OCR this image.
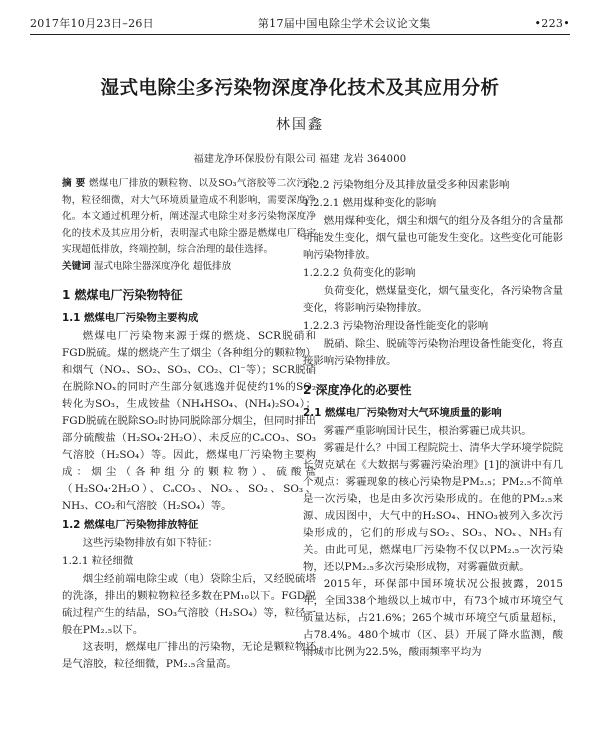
2017年10月23日–26日	第17届中国电除尘学术会议论文集	•223•
湿式电除尘多污染物深度净化技术及其应用分析
林国鑫
福建龙净环保股份有限公司 福建 龙岩 364000
摘 要 燃煤电厂排放的颗粒物、以及SO₃气溶胶等二次污染物，粒径细微，对大气环境质量造成不利影响，需要深度净化。本文通过机理分析，阐述湿式电除尘对多污染物深度净化的技术及其应用分析，表明湿式电除尘器是燃煤电厂稳定实现超低排放，终端控制，综合治理的最佳选择。
关键词 湿式电除尘器深度净化 超低排放
1 燃煤电厂污染物特征
1.1 燃煤电厂污染物主要构成

燃煤电厂污染物来源于煤的燃烧、SCR脱硝和FGD脱硫。煤的燃烧产生了烟尘（各种组分的颗粒物）和烟气（NOₓ、SO₂、SO₃、CO₂、Cl⁻等）；SCR脱硝在脱除NOₓ的同时产生部分氨逃逸并促使约1%的SO₂转化为SO₃，生成铵盐（NH₄HSO₄、(NH₄)₂SO₄）；FGD脱硫在脱除SO₂时协同脱除部分烟尘，但同时排出部分硫酸盐（H₂SO₄·2H₂O）、未反应的CₐCO₃、SO₃气溶胶（H₂SO₄）等。因此，燃煤电厂污染物主要构成：烟尘（各种组分的颗粒物）、硫酸盐（H₂SO₄·2H₂O）、CₐCO₃、NOₓ、SO₂、SO₃、NH₃、CO₂和气溶胶（H₂SO₄）等。

1.2 燃煤电厂污染物排放特征

这些污染物排放有如下特征：

1.2.1 粒径细微

烟尘经前端电除尘或（电）袋除尘后，又经脱硫塔的洗涤，排出的颗粒物粒径多数在PM₁₀以下。FGD脱硫过程产生的结晶，SO₃气溶胶（H₂SO₄）等，粒径一般在PM₂.₅以下。

这表明，燃煤电厂排出的污染物，无论是颗粒物还是气溶胶，粒径细微，PM₂.₅含量高。

1.2.2 污染物组分及其排放量受多种因素影响
1.2.2.1 燃用煤种变化的影响

燃用煤种变化，烟尘和烟气的组分及各组分的含量都可能发生变化，烟气量也可能发生变化。这些变化可能影响污染物排放。

1.2.2.2 负荷变化的影响

负荷变化，燃煤量变化，烟气量变化，各污染物含量变化，将影响污染物排放。

1.2.2.3 污染物治理设备性能变化的影响

脱硝、除尘、脱硫等污染物治理设备性能变化，将直接影响污染物排放。

2 深度净化的必要性
2.1 燃煤电厂污染物对大气环境质量的影响

雾霾严重影响国计民生，根治雾霾已成共识。

雾霾是什么？中国工程院院士、清华大学环境学院院长贺克斌在《大数据与雾霾污染治理》[1]的演讲中有几个观点：雾霾现象的核心污染物是PM₂.₅；PM₂.₅不简单是一次污染，也是由多次污染形成的。在他的PM₂.₅来源、成因图中，大气中的H₂SO₄、HNO₃被列入多次污染形成的，它们的形成与SO₂、SO₃、NOₓ、NH₃有关。由此可见，燃煤电厂污染物不仅以PM₂.₅一次污染物，还以PM₂.₅多次污染形成物，对雾霾做贡献。

2015年，环保部中国环境状况公报披露，2015年，全国338个地级以上城市中，有73个城市环境空气质量达标，占21.6%；265个城市环境空气质量超标，占78.4%。480个城市（区、县）开展了降水监测，酸雨城市比例为22.5%，酸雨频率平均为
